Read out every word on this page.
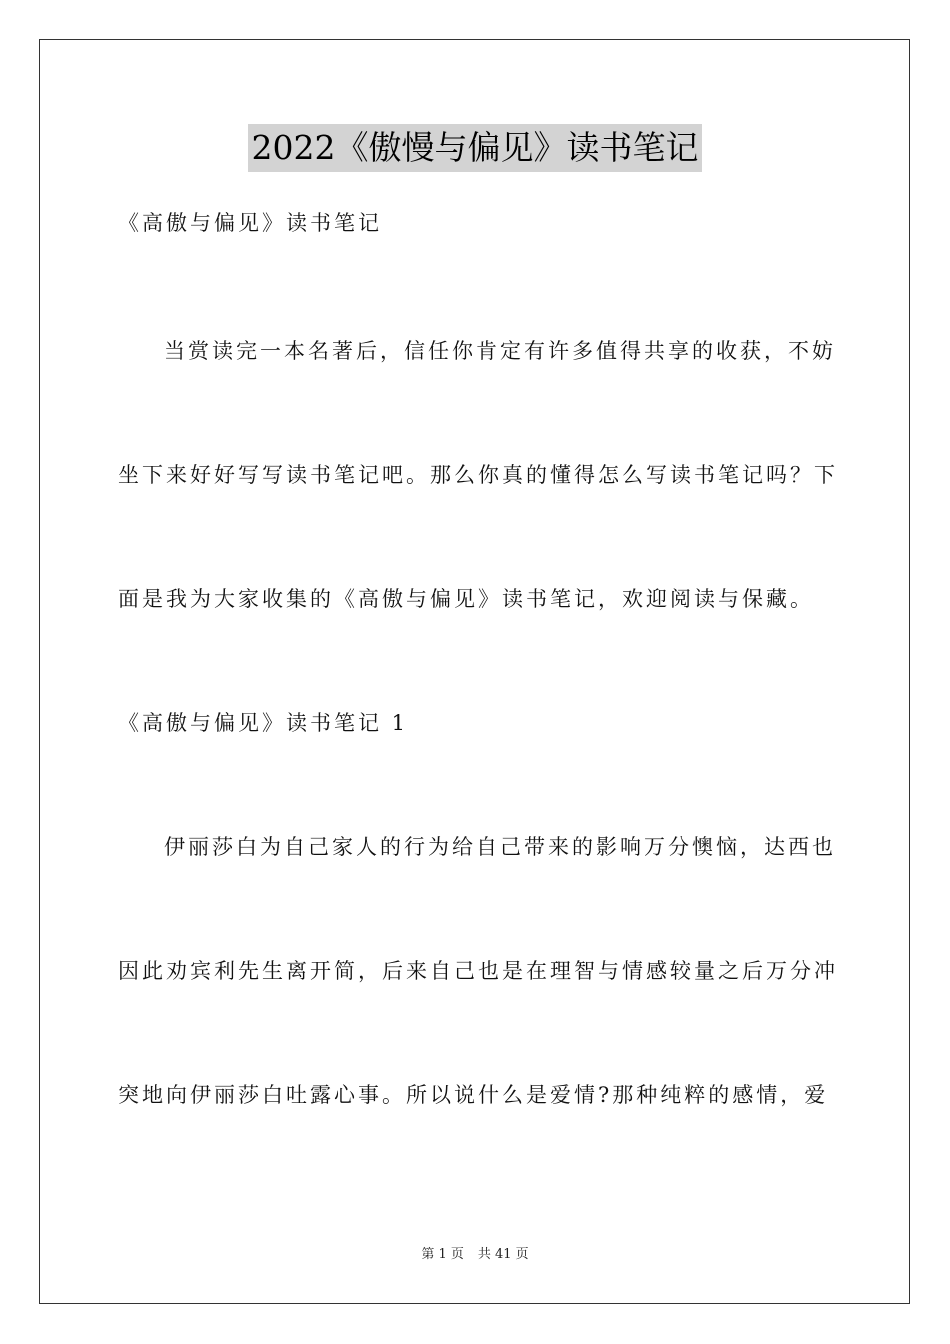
2022《傲慢与偏见》读书笔记
《高傲与偏见》读书笔记
当赏读完一本名著后，信任你肯定有许多值得共享的收获，不妨
坐下来好好写写读书笔记吧。那么你真的懂得怎么写读书笔记吗？下
面是我为大家收集的《高傲与偏见》读书笔记，欢迎阅读与保藏。
《高傲与偏见》读书笔记 1
伊丽莎白为自己家人的行为给自己带来的影响万分懊恼，达西也
因此劝宾利先生离开简，后来自己也是在理智与情感较量之后万分冲
突地向伊丽莎白吐露心事。所以说什么是爱情?那种纯粹的感情，爱
第 1 页 共 41 页
